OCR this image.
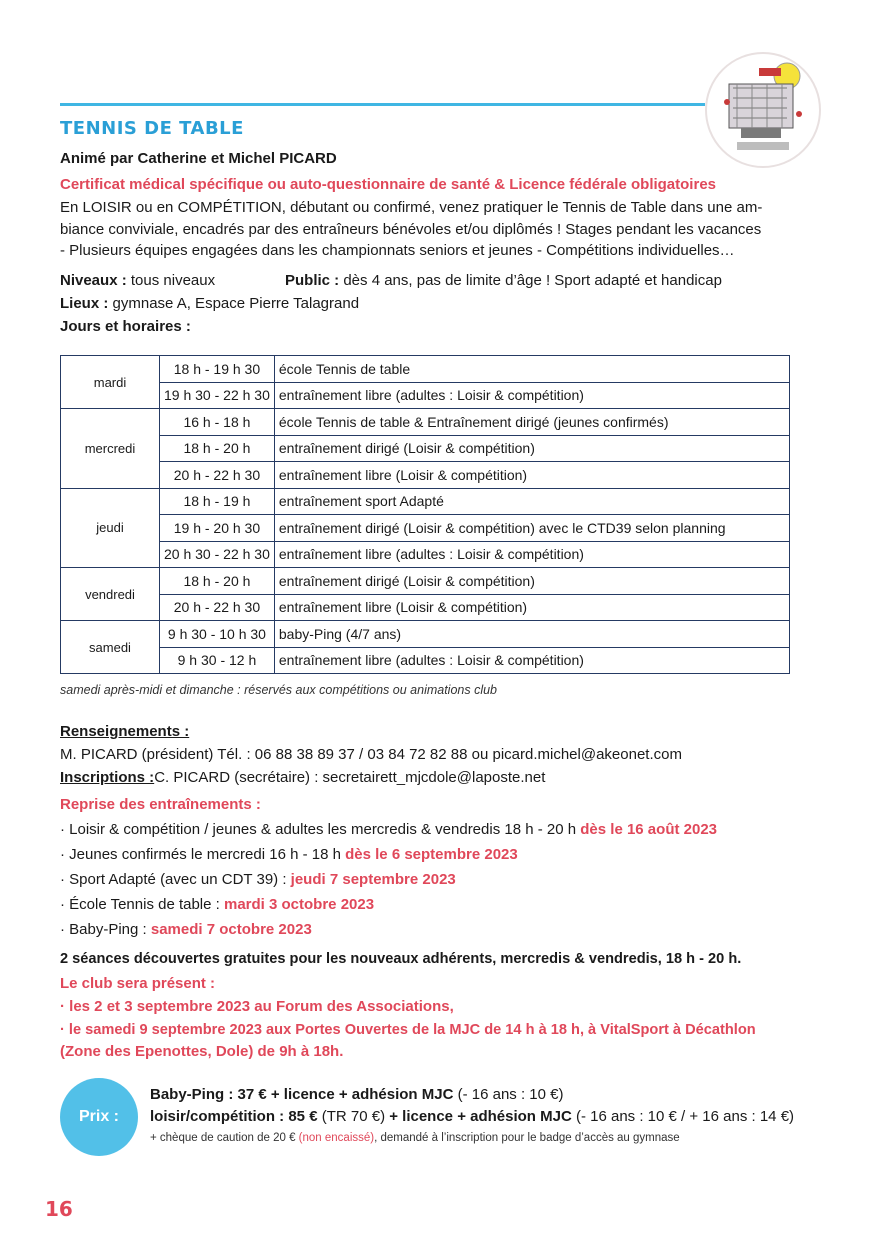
TENNIS DE TABLE
Animé par Catherine et Michel PICARD
Certificat médical spécifique ou auto-questionnaire de santé & Licence fédérale obligatoires
En LOISIR ou en COMPÉTITION, débutant ou confirmé, venez pratiquer le Tennis de Table dans une am-
biance conviviale, encadrés par des entraîneurs bénévoles et/ou diplômés ! Stages pendant les vacances
- Plusieurs équipes engagées dans les championnats seniors et jeunes - Compétitions individuelles…
Niveaux : tous niveaux	Public : dès 4 ans, pas de limite d’âge ! Sport adapté et handicap
Lieux : gymnase A, Espace Pierre Talagrand
Jours et horaires :
mardi	18 h - 19 h 30	école Tennis de table
	19 h 30 - 22 h 30	entraînement libre (adultes : Loisir & compétition)
mercredi	16 h - 18 h	école Tennis de table & Entraînement dirigé (jeunes confirmés)
	18 h - 20 h	entraînement dirigé (Loisir & compétition)
	20 h - 22 h 30	entraînement libre (Loisir & compétition)
jeudi	18 h - 19 h	entraînement sport Adapté
	19 h - 20 h 30	entraînement dirigé (Loisir & compétition) avec le CTD39 selon planning
	20 h 30 - 22 h 30	entraînement libre (adultes : Loisir & compétition)
vendredi	18 h - 20 h	entraînement dirigé (Loisir & compétition)
	20 h - 22 h 30	entraînement libre (Loisir & compétition)
samedi	9 h 30 - 10 h 30	baby-Ping (4/7 ans)
	9 h 30 - 12 h	entraînement libre (adultes : Loisir & compétition)
samedi après-midi et dimanche : réservés aux compétitions ou animations club
Renseignements :
M. PICARD (président) Tél. : 06 88 38 89 37 / 03 84 72 82 88 ou picard.michel@akeonet.com
Inscriptions :C. PICARD (secrétaire) : secretairett_mjcdole@laposte.net
Reprise des entraînements :
· Loisir & compétition / jeunes & adultes les mercredis & vendredis 18 h - 20 h dès le 16 août 2023
· Jeunes confirmés le mercredi 16 h - 18 h dès le 6 septembre 2023
· Sport Adapté (avec un CDT 39) : jeudi 7 septembre 2023
· École Tennis de table : mardi 3 octobre 2023
· Baby-Ping : samedi 7 octobre 2023
2 séances découvertes gratuites pour les nouveaux adhérents, mercredis & vendredis, 18 h - 20 h.
Le club sera présent :
· les 2 et 3 septembre 2023 au Forum des Associations,
· le samedi 9 septembre 2023 aux Portes Ouvertes de la MJC de 14 h à 18 h, à VitalSport à Décathlon
(Zone des Epenottes, Dole) de 9h à 18h.
Prix :
Baby-Ping : 37 € + licence + adhésion MJC (- 16 ans : 10 €)
loisir/compétition : 85 € (TR 70 €) + licence + adhésion MJC (- 16 ans : 10 € / + 16 ans : 14 €)
+ chèque de caution de 20 € (non encaissé), demandé à l’inscription pour le badge d’accès au gymnase
16
